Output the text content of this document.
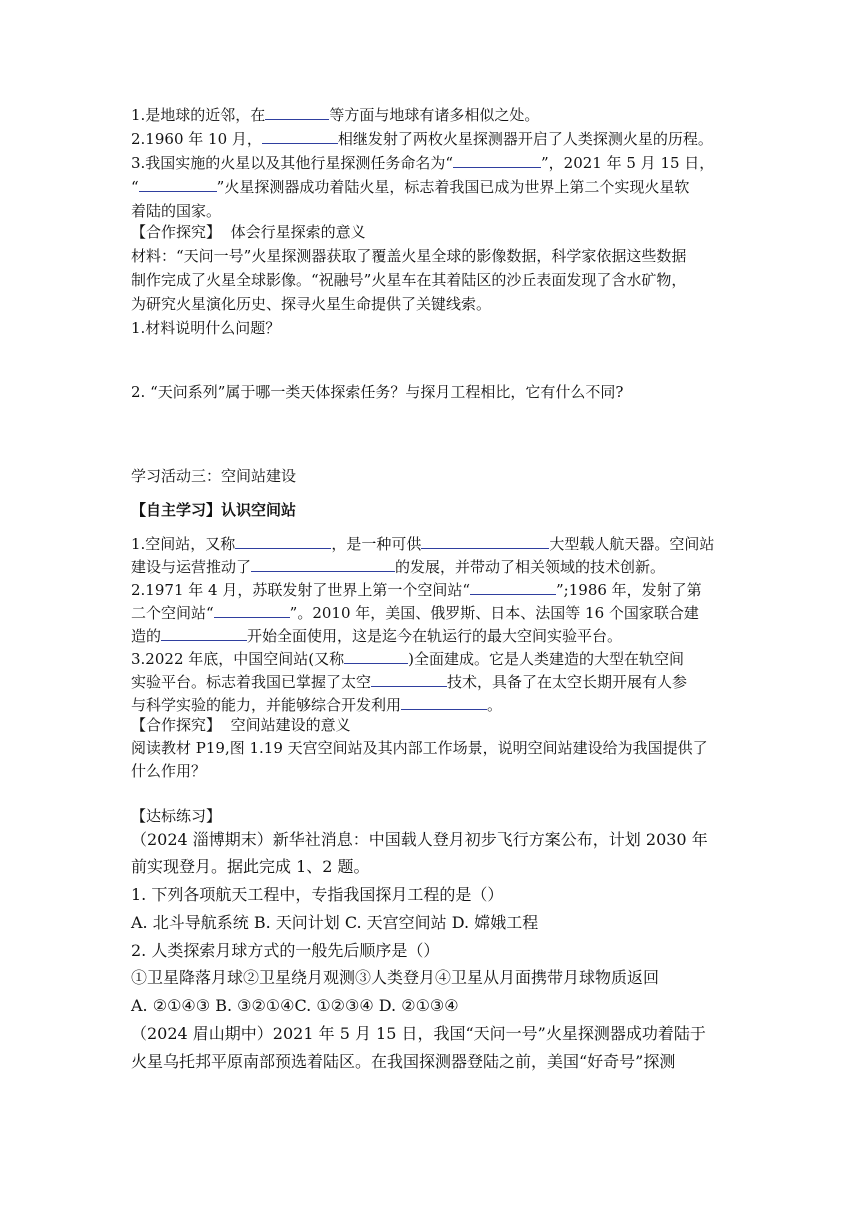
1.是地球的近邻，在	等方面与地球有诸多相似之处。
2.1960 年 10 月，	相继发射了两枚火星探测器开启了人类探测火星的历程。
3.我国实施的火星以及其他行星探测任务命名为“	”，2021 年 5 月 15 日，
“	”火星探测器成功着陆火星，标志着我国已成为世界上第二个实现火星软
着陆的国家。
【合作探究】 体会行星探索的意义
材料：“天问一号”火星探测器获取了覆盖火星全球的影像数据，科学家依据这些数据
制作完成了火星全球影像。“祝融号”火星车在其着陆区的沙丘表面发现了含水矿物，
为研究火星演化历史、探寻火星生命提供了关键线索。
1.材料说明什么问题？
2. “天问系列”属于哪一类天体探索任务？与探月工程相比，它有什么不同?
学习活动三：空间站建设
【自主学习】认识空间站
1.空间站，又称	，是一种可供	大型载人航天器。空间站
建设与运营推动了	的发展，并带动了相关领域的技术创新。
2.1971 年 4 月，苏联发射了世界上第一个空间站“	”;1986 年，发射了第
二个空间站“	”。2010 年，美国、俄罗斯、日本、法国等 16 个国家联合建
造的	开始全面使用，这是迄今在轨运行的最大空间实验平台。
3.2022 年底，中国空间站(又称	)全面建成。它是人类建造的大型在轨空间
实验平台。标志着我国已掌握了太空	技术，具备了在太空长期开展有人参
与科学实验的能力，并能够综合开发利用	。
【合作探究】 空间站建设的意义
阅读教材 P19,图 1.19 天宫空间站及其内部工作场景，说明空间站建设给为我国提供了
什么作用？
【达标练习】
（2024 淄博期末）新华社消息：中国载人登月初步飞行方案公布，计划 2030 年
前实现登月。据此完成 1、2 题。
1. 下列各项航天工程中，专指我国探月工程的是（）
A. 北斗导航系统 B. 天问计划 C. 天宫空间站 D. 嫦娥工程
2. 人类探索月球方式的一般先后顺序是（）
①卫星降落月球②卫星绕月观测③人类登月④卫星从月面携带月球物质返回
A. ②①④③ B. ③②①④C. ①②③④ D. ②①③④
（2024 眉山期中）2021 年 5 月 15 日，我国“天问一号”火星探测器成功着陆于
火星乌托邦平原南部预选着陆区。在我国探测器登陆之前，美国“好奇号”探测
